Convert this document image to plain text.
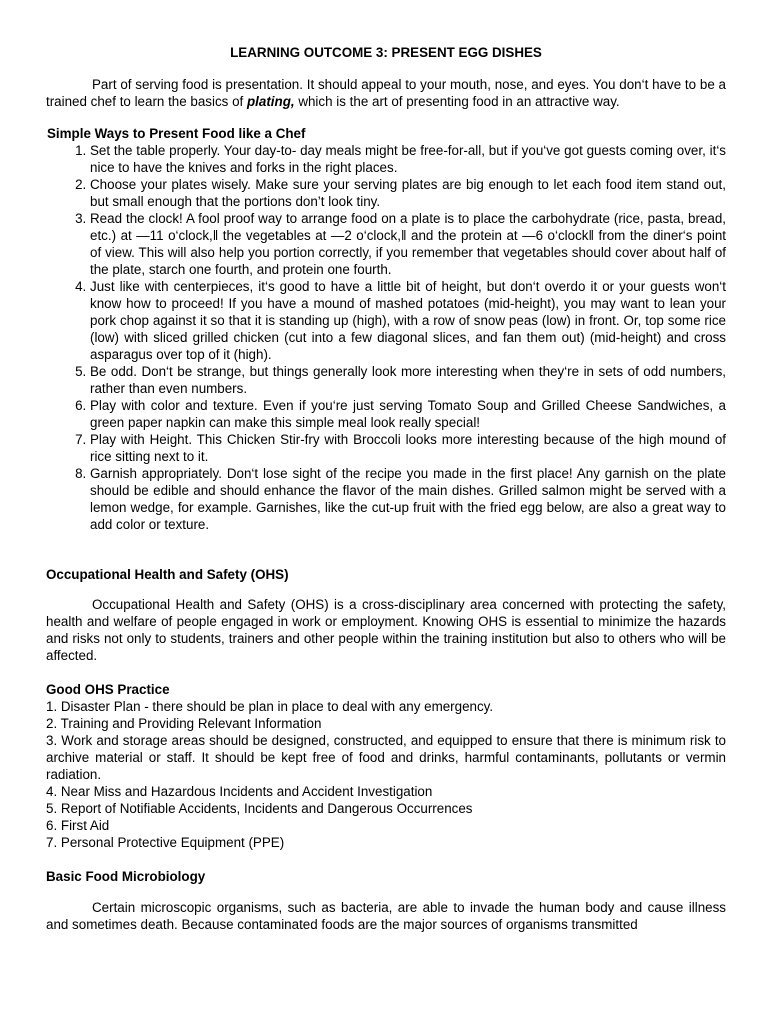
LEARNING OUTCOME 3: PRESENT EGG DISHES

Part of serving food is presentation. It should appeal to your mouth, nose, and eyes. You don‘t have to be a trained chef to learn the basics of plating, which is the art of presenting food in an attractive way.

Simple Ways to Present Food like a Chef
1. Set the table properly. Your day-to- day meals might be free-for-all, but if you‘ve got guests coming over, it‘s nice to have the knives and forks in the right places.
2. Choose your plates wisely. Make sure your serving plates are big enough to let each food item stand out, but small enough that the portions don’t look tiny.
3. Read the clock! A fool proof way to arrange food on a plate is to place the carbohydrate (rice, pasta, bread, etc.) at ―11 o‘clock,‖ the vegetables at ―2 o‘clock,‖ and the protein at ―6 o‘clock‖ from the diner‘s point of view. This will also help you portion correctly, if you remember that vegetables should cover about half of the plate, starch one fourth, and protein one fourth.
4. Just like with centerpieces, it‘s good to have a little bit of height, but don‘t overdo it or your guests won‘t know how to proceed! If you have a mound of mashed potatoes (mid-height), you may want to lean your pork chop against it so that it is standing up (high), with a row of snow peas (low) in front. Or, top some rice (low) with sliced grilled chicken (cut into a few diagonal slices, and fan them out) (mid-height) and cross asparagus over top of it (high).
5. Be odd. Don‘t be strange, but things generally look more interesting when they‘re in sets of odd numbers, rather than even numbers.
6. Play with color and texture. Even if you‘re just serving Tomato Soup and Grilled Cheese Sandwiches, a green paper napkin can make this simple meal look really special!
7. Play with Height. This Chicken Stir-fry with Broccoli looks more interesting because of the high mound of rice sitting next to it.
8. Garnish appropriately. Don‘t lose sight of the recipe you made in the first place! Any garnish on the plate should be edible and should enhance the flavor of the main dishes. Grilled salmon might be served with a lemon wedge, for example. Garnishes, like the cut-up fruit with the fried egg below, are also a great way to add color or texture.
Occupational Health and Safety (OHS)

Occupational Health and Safety (OHS) is a cross-disciplinary area concerned with protecting the safety, health and welfare of people engaged in work or employment. Knowing OHS is essential to minimize the hazards and risks not only to students, trainers and other people within the training institution but also to others who will be affected.

Good OHS Practice
1. Disaster Plan - there should be plan in place to deal with any emergency.
2. Training and Providing Relevant Information
3. Work and storage areas should be designed, constructed, and equipped to ensure that there is minimum risk to archive material or staff. It should be kept free of food and drinks, harmful contaminants, pollutants or vermin radiation.
4. Near Miss and Hazardous Incidents and Accident Investigation
5. Report of Notifiable Accidents, Incidents and Dangerous Occurrences
6. First Aid
7. Personal Protective Equipment (PPE)
Basic Food Microbiology

Certain microscopic organisms, such as bacteria, are able to invade the human body and cause illness and sometimes death. Because contaminated foods are the major sources of organisms transmitted
